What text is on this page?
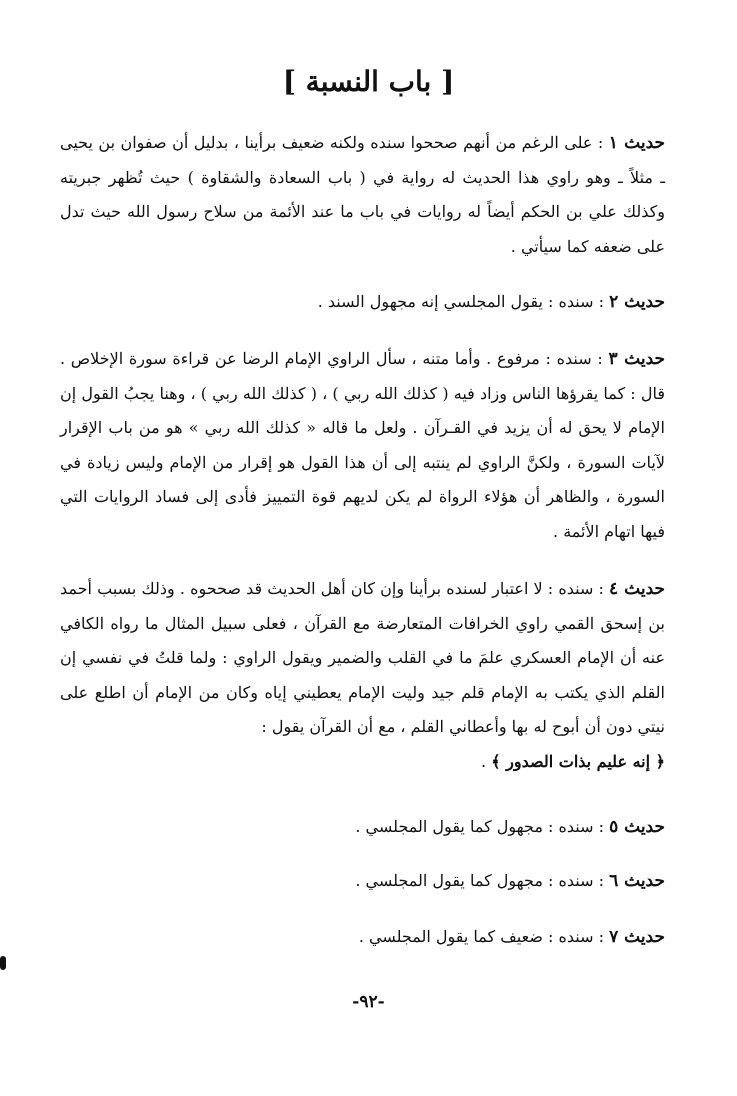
[ باب النسبة ]

حديث ١ : على الرغم من أنهم صححوا سنده ولكنه ضعيف برأينا ، بدليل أن صفوان بن يحيى ـ مثلاً ـ وهو راوي هذا الحديث له رواية في ( باب السعادة والشقاوة ) حيث تُظهر جبريته وكذلك علي بن الحكم أيضاً له روايات في باب ما عند الأئمة من سلاح رسول الله حيث تدل على ضعفه كما سيأتي .

حديث ٢ : سنده : يقول المجلسي إنه مجهول السند .

حديث ٣ : سنده : مرفوع . وأما متنه ، سأل الراوي الإمام الرضا عن قراءة سورة الإخلاص . قال : كما يقرؤها الناس وزاد فيه ( كذلك الله ربي ) ، ( كذلك الله ربي ) ، وهنا يجبُ القول إن الإمام لا يحق له أن يزيد في القـرآن . ولعل ما قاله « كذلك الله ربي » هو من باب الإقرار لآيات السورة ، ولكنَّ الراوي لم ينتبه إلى أن هذا القول هو إقرار من الإمام وليس زيادة في السورة ، والظاهر أن هؤلاء الرواة لم يكن لديهم قوة التمييز فأدى إلى فساد الروايات التي فيها اتهام الأئمة .

حديث ٤ : سنده : لا اعتبار لسنده برأينا وإن كان أهل الحديث قد صححوه . وذلك بسبب أحمد بن إسحق القمي راوي الخرافات المتعارضة مع القرآن ، فعلى سبيل المثال ما رواه الكافي عنه أن الإمام العسكري علمَ ما في القلب والضمير ويقول الراوي : ولما قلتُ في نفسي إن القلم الذي يكتب به الإمام قلم جيد وليت الإمام يعطيني إياه وكان من الإمام أن اطلع على نيتي دون أن أبوح له بها وأعطاني القلم ، مع أن القرآن يقول :
﴿ إنه عليم بذات الصدور ﴾ .

حديث ٥ : سنده : مجهول كما يقول المجلسي .

حديث ٦ : سنده : مجهول كما يقول المجلسي .

حديث ٧ : سنده : ضعيف كما يقول المجلسي .

-٩٢-
